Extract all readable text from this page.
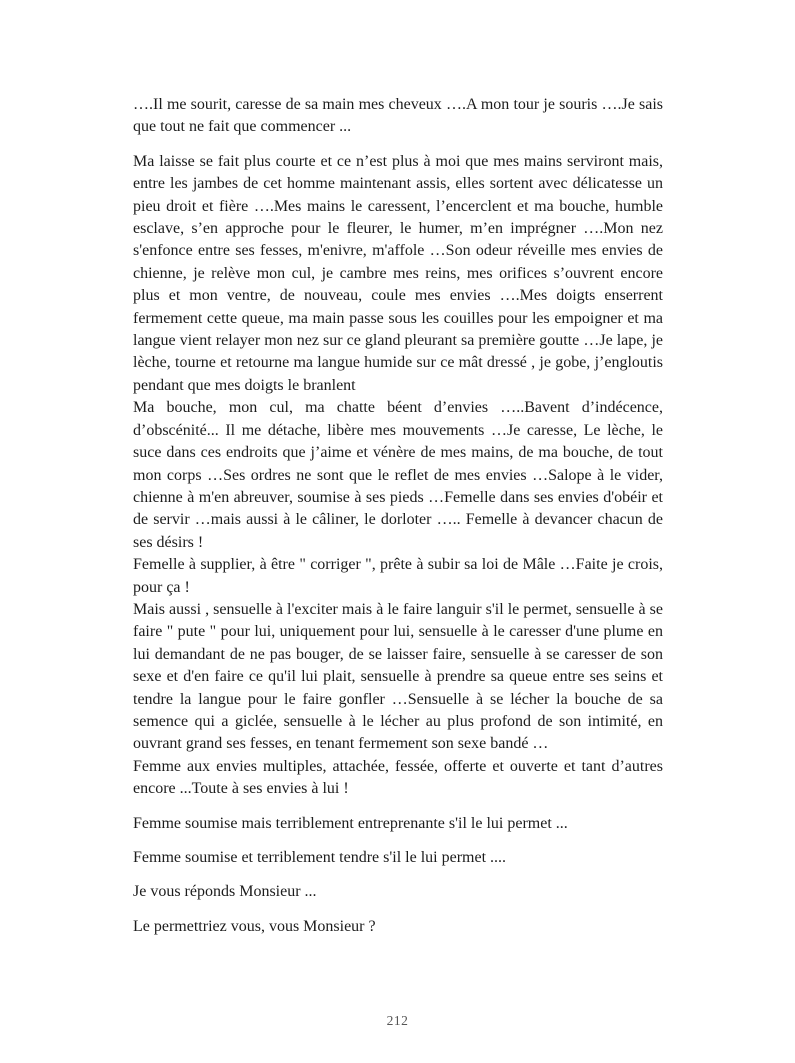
….Il me sourit, caresse de sa main mes cheveux ….A mon tour je souris ….Je sais que tout ne fait que commencer ...

Ma laisse se fait plus courte et ce n’est plus à moi que mes mains serviront mais, entre les jambes de cet homme maintenant assis, elles sortent avec délicatesse un pieu droit et fière ….Mes mains le caressent, l’encerclent et ma bouche, humble esclave, s’en approche pour le fleurer, le humer, m’en imprégner ….Mon nez s'enfonce entre ses fesses, m'enivre, m'affole …Son odeur réveille mes envies de chienne, je relève mon cul, je cambre mes reins, mes orifices s’ouvrent encore plus et mon ventre, de nouveau, coule mes envies ….Mes doigts enserrent fermement cette queue, ma main passe sous les couilles pour les empoigner et ma langue vient relayer mon nez sur ce gland pleurant sa première goutte …Je lape, je lèche, tourne et retourne ma langue humide sur ce mât dressé , je gobe, j’engloutis pendant que mes doigts le branlent

Ma bouche, mon cul, ma chatte béent d’envies …..Bavent d’indécence, d’obscénité... Il me détache, libère mes mouvements …Je caresse, Le lèche, le suce dans ces endroits que j’aime et vénère de mes mains, de ma bouche, de tout mon corps …Ses ordres ne sont que le reflet de mes envies …Salope à le vider, chienne à m'en abreuver, soumise à ses pieds …Femelle dans ses envies d'obéir et de servir …mais aussi à le câliner, le dorloter ….. Femelle à devancer chacun de ses désirs !

Femelle à supplier, à être " corriger ", prête à subir sa loi de Mâle …Faite je crois, pour ça !

Mais aussi , sensuelle à l'exciter mais à le faire languir s'il le permet, sensuelle à se faire " pute " pour lui, uniquement pour lui, sensuelle à le caresser d'une plume en lui demandant de ne pas bouger, de se laisser faire, sensuelle à se caresser de son sexe et d'en faire ce qu'il lui plait, sensuelle à prendre sa queue entre ses seins et tendre la langue pour le faire gonfler …Sensuelle à se lécher la bouche de sa semence qui a giclée, sensuelle à le lécher au plus profond de son intimité, en ouvrant grand ses fesses, en tenant fermement son sexe bandé …

Femme aux envies multiples, attachée, fessée, offerte et ouverte et tant d’autres encore ...Toute à ses envies à lui !

Femme soumise mais terriblement entreprenante s'il le lui permet ...

Femme soumise et terriblement tendre s'il le lui permet ....

Je vous réponds Monsieur ...

Le permettriez vous, vous Monsieur ?

212
